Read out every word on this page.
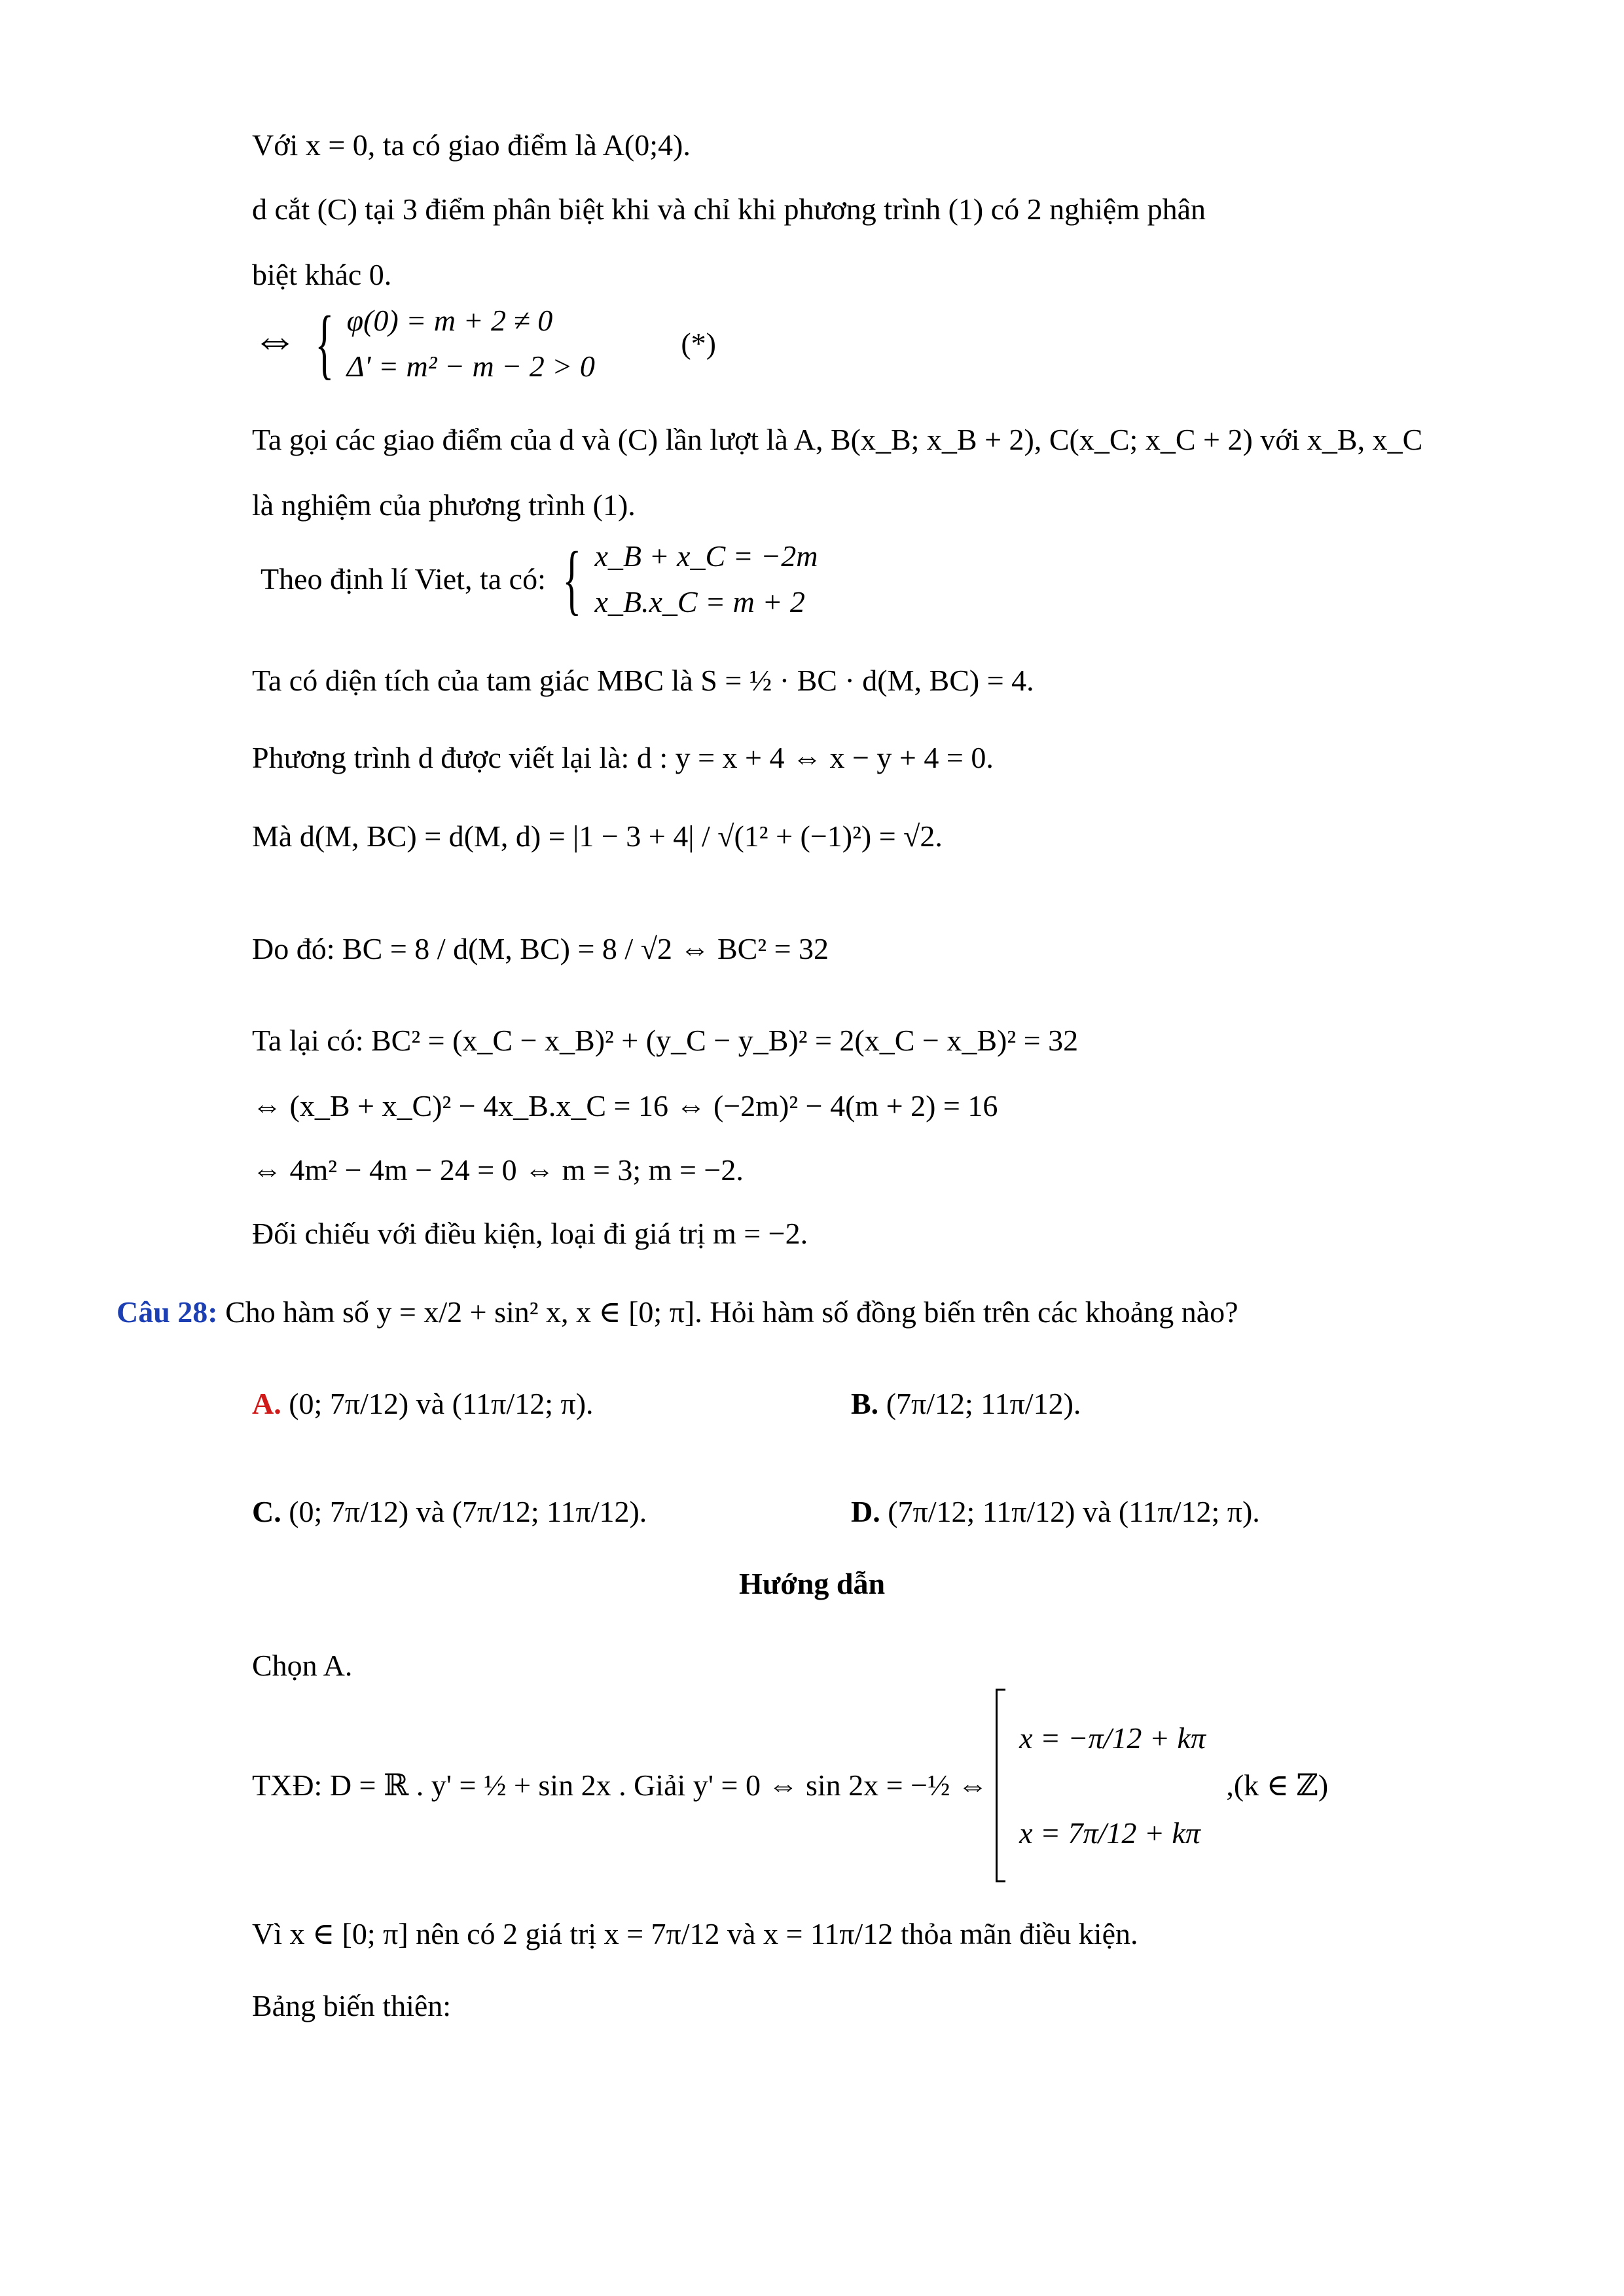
Với x = 0, ta có giao điểm là A(0;4).
d cắt (C) tại 3 điểm phân biệt khi và chỉ khi phương trình (1) có 2 nghiệm phân
biệt khác 0.
⇔ { φ(0) = m + 2 ≠ 0
Δ' = m² − m − 2 > 0
(*)
Ta gọi các giao điểm của d và (C) lần lượt là A, B(x_B; x_B + 2), C(x_C; x_C + 2) với x_B, x_C
là nghiệm của phương trình (1).
Theo định lí Viet, ta có: { x_B + x_C = −2m
x_B.x_C = m + 2
Ta có diện tích của tam giác MBC là S = ½ · BC · d(M, BC) = 4.
Phương trình d được viết lại là: d : y = x + 4 ⇔ x − y + 4 = 0.
Mà d(M, BC) = d(M, d) = |1 − 3 + 4| / √(1² + (−1)²) = √2.
Do đó: BC = 8 / d(M, BC) = 8 / √2 ⇔ BC² = 32
Ta lại có: BC² = (x_C − x_B)² + (y_C − y_B)² = 2(x_C − x_B)² = 32
⇔ (x_B + x_C)² − 4x_B.x_C = 16 ⇔ (−2m)² − 4(m + 2) = 16
⇔ 4m² − 4m − 24 = 0 ⇔ m = 3; m = −2.
Đối chiếu với điều kiện, loại đi giá trị m = −2.
Câu 28: Cho hàm số y = x/2 + sin² x, x ∈ [0; π]. Hỏi hàm số đồng biến trên các khoảng nào?
A. (0; 7π/12) và (11π/12; π).	B. (7π/12; 11π/12).
C. (0; 7π/12) và (7π/12; 11π/12).	D. (7π/12; 11π/12) và (11π/12; π).
Hướng dẫn
Chọn A.
TXĐ: D = ℝ . y' = ½ + sin 2x . Giải y' = 0 ⇔ sin 2x = −½ ⇔
x = −π/12 + kπ
x = 7π/12 + kπ
,(k ∈ ℤ)
Vì x ∈ [0; π] nên có 2 giá trị x = 7π/12 và x = 11π/12 thỏa mãn điều kiện.
Bảng biến thiên:
